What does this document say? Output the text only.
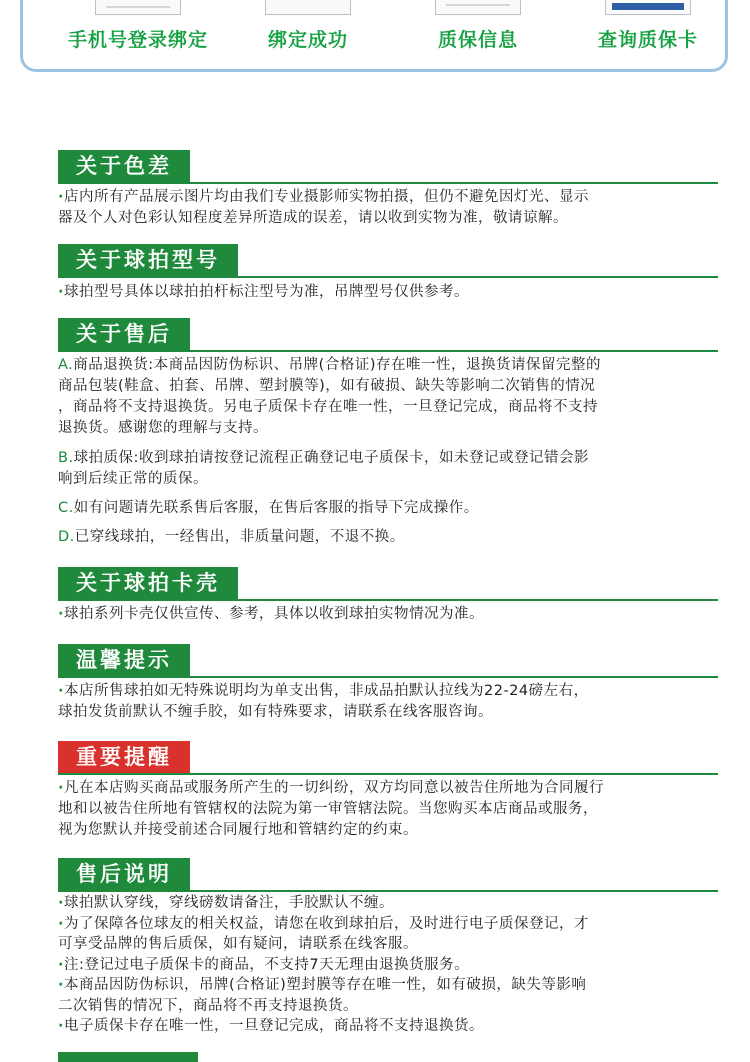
手机号登录绑定	绑定成功	质保信息	查询质保卡
关于色差
·店内所有产品展示图片均由我们专业摄影师实物拍摄，但仍不避免因灯光、显示
器及个人对色彩认知程度差异所造成的误差，请以收到实物为准，敬请谅解。
关于球拍型号
·球拍型号具体以球拍拍杆标注型号为准，吊牌型号仅供参考。
关于售后
A.商品退换货:本商品因防伪标识、吊牌(合格证)存在唯一性，退换货请保留完整的
商品包装(鞋盒、拍套、吊牌、塑封膜等)，如有破损、缺失等影响二次销售的情况
，商品将不支持退换货。另电子质保卡存在唯一性，一旦登记完成，商品将不支持
退换货。感谢您的理解与支持。
B.球拍质保:收到球拍请按登记流程正确登记电子质保卡，如未登记或登记错会影
响到后续正常的质保。
C.如有问题请先联系售后客服，在售后客服的指导下完成操作。
D.已穿线球拍，一经售出，非质量问题，不退不换。
关于球拍卡壳
·球拍系列卡壳仅供宣传、参考，具体以收到球拍实物情况为准。
温馨提示
·本店所售球拍如无特殊说明均为单支出售，非成品拍默认拉线为22-24磅左右，
球拍发货前默认不缠手胶，如有特殊要求，请联系在线客服咨询。
重要提醒
·凡在本店购买商品或服务所产生的一切纠纷，双方均同意以被告住所地为合同履行
地和以被告住所地有管辖权的法院为第一审管辖法院。当您购买本店商品或服务，
视为您默认并接受前述合同履行地和管辖约定的约束。
售后说明
·球拍默认穿线，穿线磅数请备注，手胶默认不缠。
·为了保障各位球友的相关权益，请您在收到球拍后，及时进行电子质保登记，才
可享受品牌的售后质保，如有疑问，请联系在线客服。
·注:登记过电子质保卡的商品，不支持7天无理由退换货服务。
·本商品因防伪标识，吊牌(合格证)塑封膜等存在唯一性，如有破损，缺失等影响
二次销售的情况下，商品将不再支持退换货。
·电子质保卡存在唯一性，一旦登记完成，商品将不支持退换货。
